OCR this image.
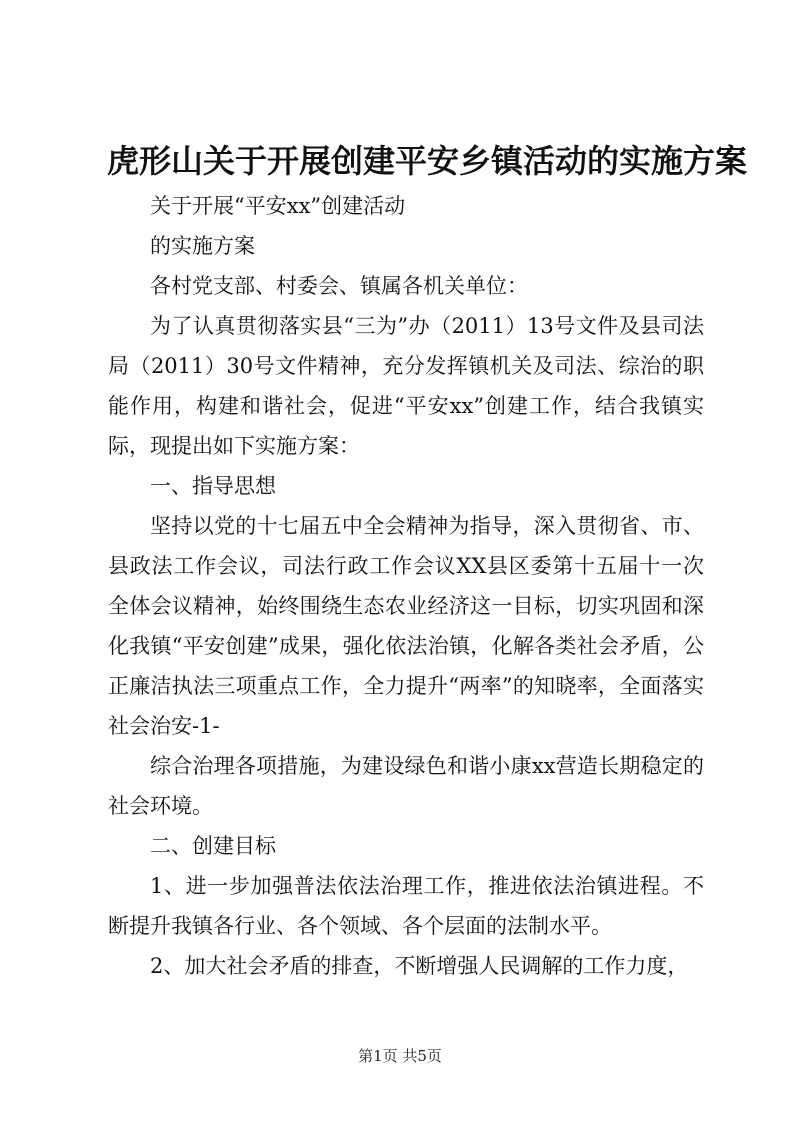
虎形山关于开展创建平安乡镇活动的实施方案

关于开展“平安xx”创建活动

的实施方案

各村党支部、村委会、镇属各机关单位：

为了认真贯彻落实县“三为”办（2011）13号文件及县司法局（2011）30号文件精神，充分发挥镇机关及司法、综治的职能作用，构建和谐社会，促进“平安xx”创建工作，结合我镇实际，现提出如下实施方案：

一、指导思想

坚持以党的十七届五中全会精神为指导，深入贯彻省、市、县政法工作会议，司法行政工作会议XX县区委第十五届十一次全体会议精神，始终围绕生态农业经济这一目标，切实巩固和深化我镇“平安创建”成果，强化依法治镇，化解各类社会矛盾，公正廉洁执法三项重点工作，全力提升“两率”的知晓率，全面落实社会治安-1-

综合治理各项措施，为建设绿色和谐小康xx营造长期稳定的社会环境。

二、创建目标

1、进一步加强普法依法治理工作，推进依法治镇进程。不断提升我镇各行业、各个领域、各个层面的法制水平。

2、加大社会矛盾的排查，不断增强人民调解的工作力度，

第1页 共5页
